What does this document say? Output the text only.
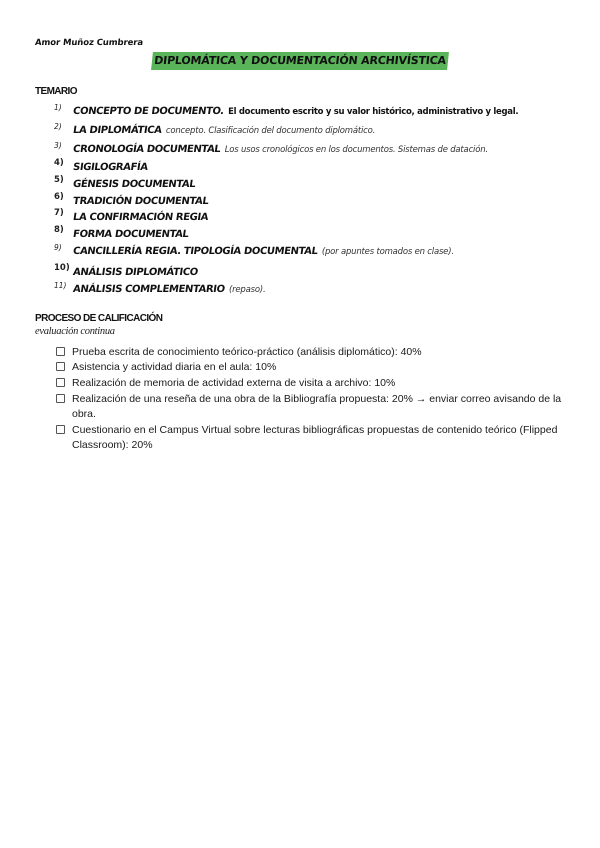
Amor Muñoz Cumbrera
DIPLOMÁTICA Y DOCUMENTACIÓN ARCHIVÍSTICA
TEMARIO
1)	CONCEPTO DE DOCUMENTO. El documento escrito y su valor histórico, administrativo y legal.
2)	LA DIPLOMÁTICA concepto. Clasificación del documento diplomático.
3)	CRONOLOGÍA DOCUMENTAL Los usos cronológicos en los documentos. Sistemas de datación.
4) SIGILOGRAFÍA
5) GÉNESIS DOCUMENTAL
6) TRADICIÓN DOCUMENTAL
7) LA CONFIRMACIÓN REGIA
8) FORMA DOCUMENTAL
9)	CANCILLERÍA REGIA. TIPOLOGÍA DOCUMENTAL (por apuntes tomados en clase).
10) ANÁLISIS DIPLOMÁTICO
11) ANÁLISIS COMPLEMENTARIO (repaso).
PROCESO DE CALIFICACIÓN
evaluación continua
Prueba escrita de conocimiento teórico-práctico (análisis diplomático): 40%
Asistencia y actividad diaria en el aula: 10%
Realización de memoria de actividad externa de visita a archivo: 10%
Realización de una reseña de una obra de la Bibliografía propuesta: 20% → enviar correo avisando de la obra.
Cuestionario en el Campus Virtual sobre lecturas bibliográficas propuestas de contenido teórico (Flipped Classroom): 20%
